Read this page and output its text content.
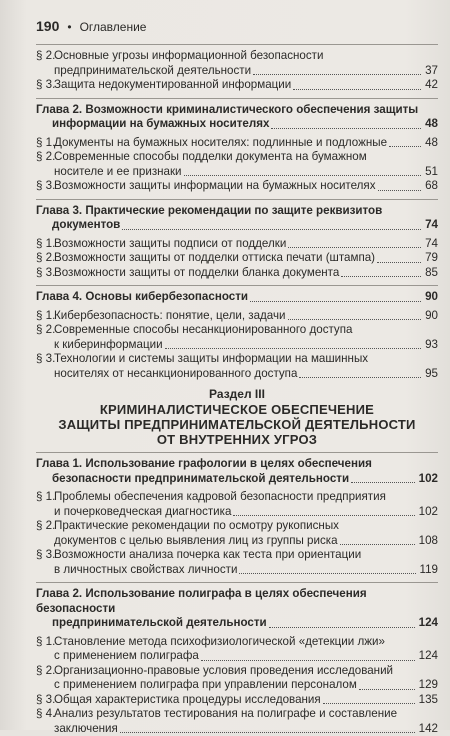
190 • Оглавление
§ 2.
Основные угрозы информационной безопасности
предпринимательской деятельности	37
§ 3.
Защита недокументированной информации	42
Глава 2. Возможности криминалистического обеспечения защиты
информации на бумажных носителях	48
§ 1.
Документы на бумажных носителях: подлинные и подложные	48
§ 2.
Современные способы подделки документа на бумажном
носителе и ее признаки	51
§ 3.
Возможности защиты информации на бумажных носителях	68
Глава 3. Практические рекомендации по защите реквизитов
документов	74
§ 1.
Возможности защиты подписи от подделки	74
§ 2.
Возможности защиты от подделки оттиска печати (штампа)	79
§ 3.
Возможности защиты от подделки бланка документа	85
Глава 4. Основы кибербезопасности	90
§ 1.
Кибербезопасность: понятие, цели, задачи	90
§ 2.
Современные способы несанкционированного доступа
к киберинформации	93
§ 3.
Технологии и системы защиты информации на машинных
носителях от несанкционированного доступа	95
Раздел III
КРИМИНАЛИСТИЧЕСКОЕ ОБЕСПЕЧЕНИЕ
ЗАЩИТЫ ПРЕДПРИНИМАТЕЛЬСКОЙ ДЕЯТЕЛЬНОСТИ
ОТ ВНУТРЕННИХ УГРОЗ
Глава 1. Использование графологии в целях обеспечения
безопасности предпринимательской деятельности	102
§ 1.
Проблемы обеспечения кадровой безопасности предприятия
и почерковедческая диагностика	102
§ 2.
Практические рекомендации по осмотру рукописных
документов с целью выявления лиц из группы риска	108
§ 3.
Возможности анализа почерка как теста при ориентации
в личностных свойствах личности	119
Глава 2. Использование полиграфа в целях обеспечения безопасности
предпринимательской деятельности	124
§ 1.
Становление метода психофизиологической «детекции лжи»
с применением полиграфа	124
§ 2.
Организационно-правовые условия проведения исследований
с применением полиграфа при управлении персоналом	129
§ 3.
Общая характеристика процедуры исследования	135
§ 4.
Анализ результатов тестирования на полиграфе и составление
заключения	142
